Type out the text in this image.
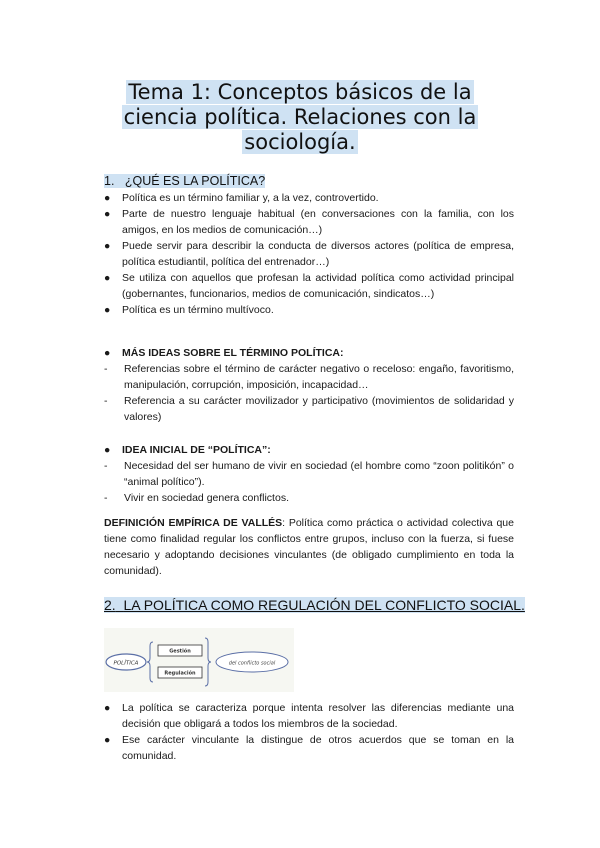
Tema 1: Conceptos básicos de la
ciencia política. Relaciones con la
sociología.
1. ¿QUÉ ES LA POLÍTICA?
●	Política es un término familiar y, a la vez, controvertido.
●	Parte de nuestro lenguaje habitual (en conversaciones con la familia, con los amigos, en los medios de comunicación…)
●	Puede servir para describir la conducta de diversos actores (política de empresa, política estudiantil, política del entrenador…)
●	Se utiliza con aquellos que profesan la actividad política como actividad principal (gobernantes, funcionarios, medios de comunicación, sindicatos…)
●	Política es un término multívoco.
●	MÁS IDEAS SOBRE EL TÉRMINO POLÍTICA:
-	Referencias sobre el término de carácter negativo o receloso: engaño, favoritismo, manipulación, corrupción, imposición, incapacidad…
-	Referencia a su carácter movilizador y participativo (movimientos de solidaridad y valores)
●	IDEA INICIAL DE “POLÍTICA”:
-	Necesidad del ser humano de vivir en sociedad (el hombre como “zoon politikón” o “animal político”).
-	Vivir en sociedad genera conflictos.
DEFINICIÓN EMPÍRICA DE VALLÉS: Política como práctica o actividad colectiva que tiene como finalidad regular los conflictos entre grupos, incluso con la fuerza, si fuese necesario y adoptando decisiones vinculantes (de obligado cumplimiento en toda la comunidad).
2. LA POLÍTICA COMO REGULACIÓN DEL CONFLICTO SOCIAL.
POLÍTICA
Gestión
Regulación
del conflicto social
●	La política se caracteriza porque intenta resolver las diferencias mediante una decisión que obligará a todos los miembros de la sociedad.
●	Ese carácter vinculante la distingue de otros acuerdos que se toman en la comunidad.
